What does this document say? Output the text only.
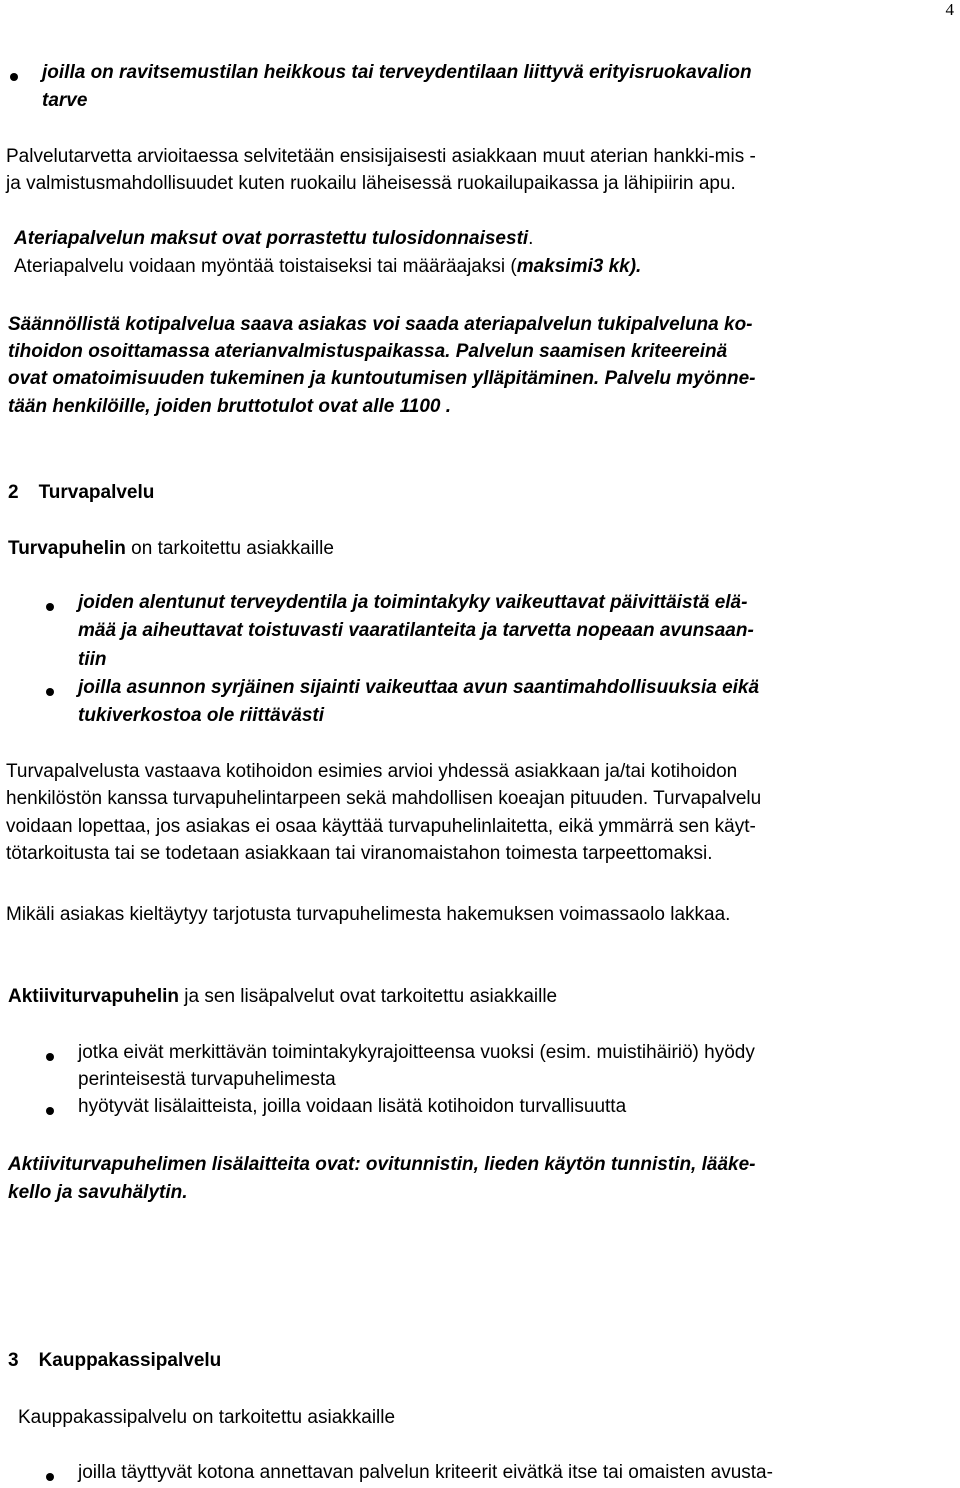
4
joilla on ravitsemustilan heikkous tai terveydentilaan liittyvä erityisruokavalion
tarve
Palvelutarvetta arvioitaessa selvitetään ensisijaisesti asiakkaan muut aterian hankki-mis -
ja valmistusmahdollisuudet kuten ruokailu läheisessä ruokailupaikassa ja lähipiirin apu.
Ateriapalvelun maksut ovat porrastettu tulosidonnaisesti.
Ateriapalvelu voidaan myöntää toistaiseksi tai määräajaksi (maksimi3 kk).
Säännöllistä kotipalvelua saava asiakas voi saada ateriapalvelun tukipalveluna ko-
tihoidon osoittamassa aterianvalmistuspaikassa. Palvelun saamisen kriteereinä
ovat omatoimisuuden tukeminen ja kuntoutumisen ylläpitäminen. Palvelu myönne-
tään henkilöille, joiden bruttotulot ovat alle 1100 .
2 Turvapalvelu
Turvapuhelin on tarkoitettu asiakkaille
joiden alentunut terveydentila ja toimintakyky vaikeuttavat päivittäistä elä-
mää ja aiheuttavat toistuvasti vaaratilanteita ja tarvetta nopeaan avunsaan-
tiin
joilla asunnon syrjäinen sijainti vaikeuttaa avun saantimahdollisuuksia eikä
tukiverkostoa ole riittävästi
Turvapalvelusta vastaava kotihoidon esimies arvioi yhdessä asiakkaan ja/tai kotihoidon
henkilöstön kanssa turvapuhelintarpeen sekä mahdollisen koeajan pituuden. Turvapalvelu
voidaan lopettaa, jos asiakas ei osaa käyttää turvapuhelinlaitetta, eikä ymmärrä sen käyt-
tötarkoitusta tai se todetaan asiakkaan tai viranomaistahon toimesta tarpeettomaksi.
Mikäli asiakas kieltäytyy tarjotusta turvapuhelimesta hakemuksen voimassaolo lakkaa.
Aktiiviturvapuhelin ja sen lisäpalvelut ovat tarkoitettu asiakkaille
jotka eivät merkittävän toimintakykyrajoitteensa vuoksi (esim. muistihäiriö) hyödy
perinteisestä turvapuhelimesta
hyötyvät lisälaitteista, joilla voidaan lisätä kotihoidon turvallisuutta
Aktiiviturvapuhelimen lisälaitteita ovat: ovitunnistin, lieden käytön tunnistin, lääke-
kello ja savuhälytin.
3 Kauppakassipalvelu
Kauppakassipalvelu on tarkoitettu asiakkaille
joilla täyttyvät kotona annettavan palvelun kriteerit eivätkä itse tai omaisten avusta-
